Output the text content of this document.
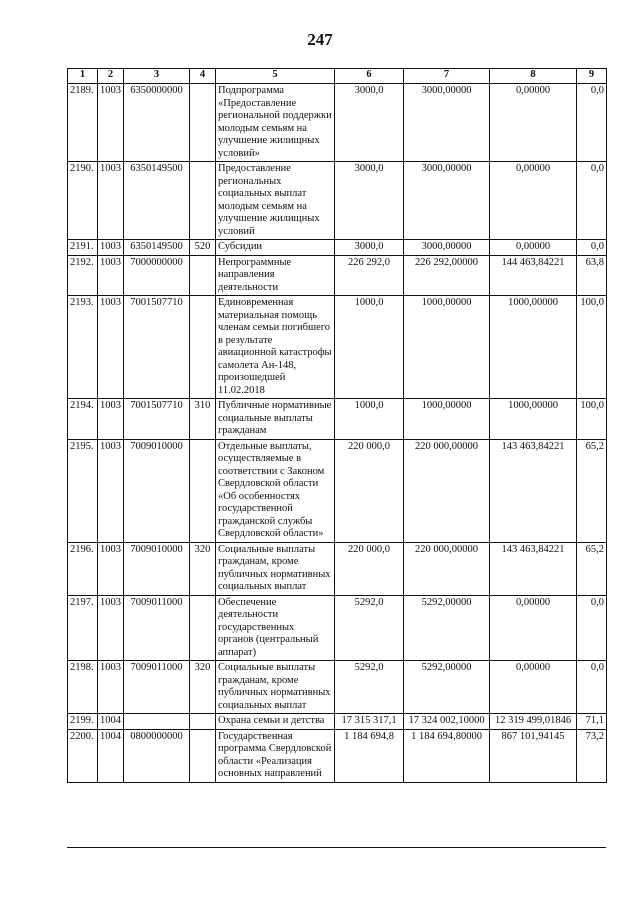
247
1	2	3	4	5	6	7	8	9
2189.	1003	6350000000		Подпрограмма «Предоставление региональной поддержки молодым семьям на улучшение жилищных условий»	3000,0	3000,00000	0,00000	0,0
2190.	1003	6350149500		Предоставление региональных социальных выплат молодым семьям на улучшение жилищных условий	3000,0	3000,00000	0,00000	0,0
2191.	1003	6350149500	520	Субсидии	3000,0	3000,00000	0,00000	0,0
2192.	1003	7000000000		Непрограммные направления деятельности	226 292,0	226 292,00000	144 463,84221	63,8
2193.	1003	7001507710		Единовременная материальная помощь членам семьи погибшего в результате авиационной катастрофы самолета Ан-148, произошедшей 11.02.2018	1000,0	1000,00000	1000,00000	100,0
2194.	1003	7001507710	310	Публичные нормативные социальные выплаты гражданам	1000,0	1000,00000	1000,00000	100,0
2195.	1003	7009010000		Отдельные выплаты, осуществляемые в соответствии с Законом Свердловской области «Об особенностях государственной гражданской службы Свердловской области»	220 000,0	220 000,00000	143 463,84221	65,2
2196.	1003	7009010000	320	Социальные выплаты гражданам, кроме публичных нормативных социальных выплат	220 000,0	220 000,00000	143 463,84221	65,2
2197.	1003	7009011000		Обеспечение деятельности государственных органов (центральный аппарат)	5292,0	5292,00000	0,00000	0,0
2198.	1003	7009011000	320	Социальные выплаты гражданам, кроме публичных нормативных социальных выплат	5292,0	5292,00000	0,00000	0,0
2199.	1004			Охрана семьи и детства	17 315 317,1	17 324 002,10000	12 319 499,01846	71,1
2200.	1004	0800000000		Государственная программа Свердловской области «Реализация основных направлений	1 184 694,8	1 184 694,80000	867 101,94145	73,2
